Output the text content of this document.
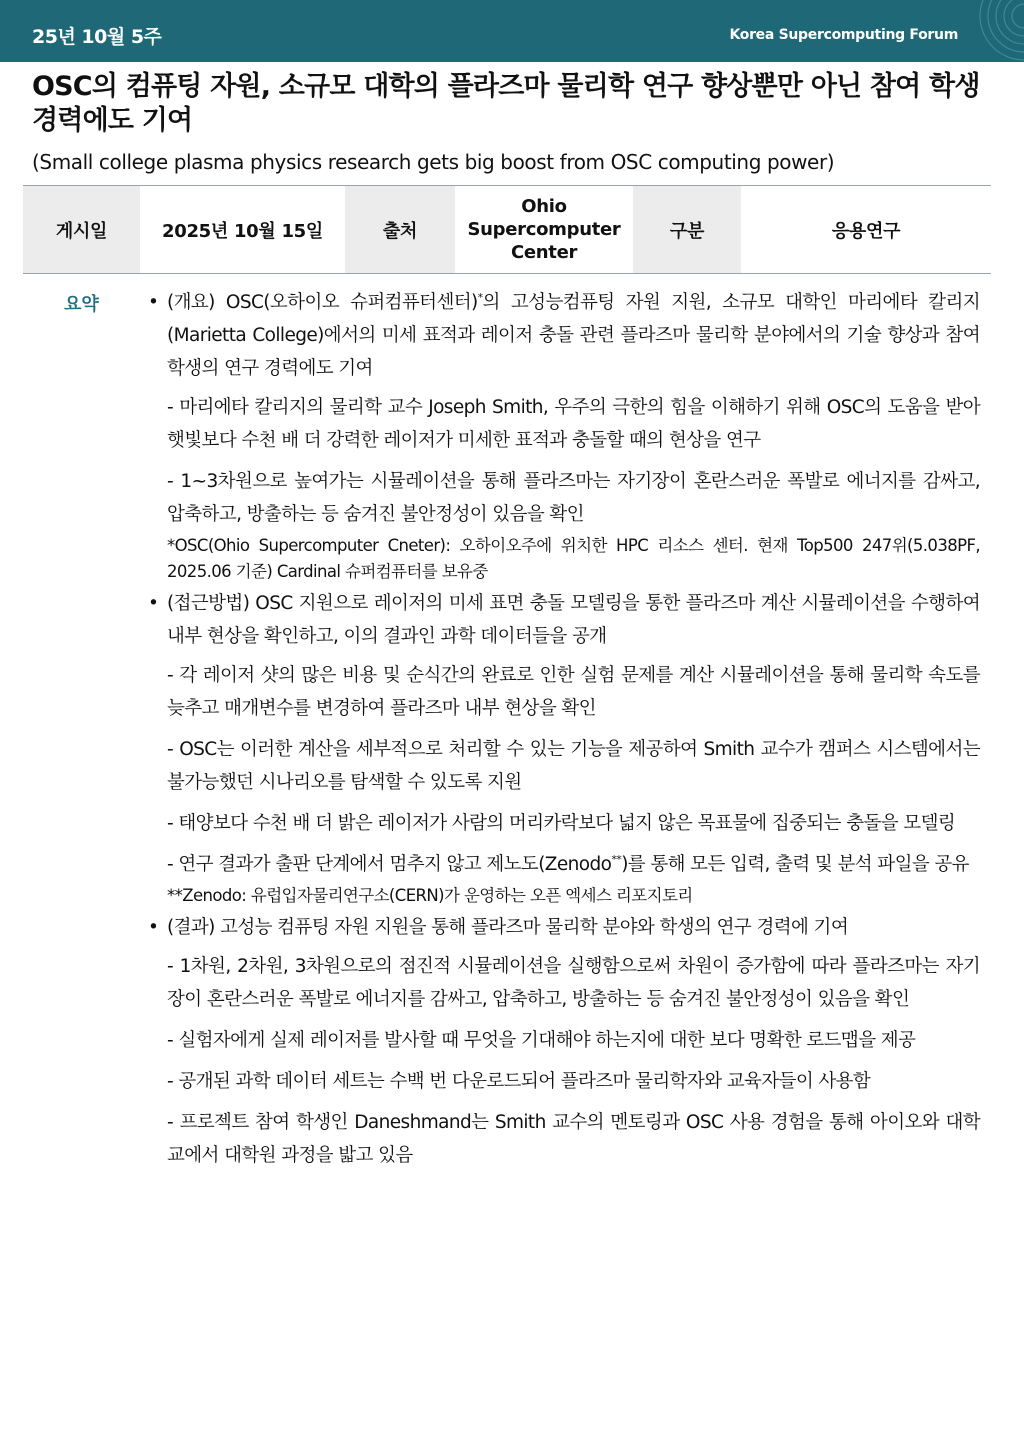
25년 10월 5주	Korea Supercomputing Forum
OSC의 컴퓨팅 자원, 소규모 대학의 플라즈마 물리학 연구 향상뿐만 아닌 참여 학생 경력에도 기여
(Small college plasma physics research gets big boost from OSC computing power)
게시일	2025년 10월 15일	출처	Ohio Supercomputer Center	구분	응용연구
요약	• (개요) OSC(오하이오 슈퍼컴퓨터센터)*의 고성능컴퓨팅 자원 지원, 소규모 대학인 마리에타 칼리지(Marietta College)에서의 미세 표적과 레이저 충돌 관련 플라즈마 물리학 분야에서의 기술 향상과 참여 학생의 연구 경력에도 기여
- 마리에타 칼리지의 물리학 교수 Joseph Smith, 우주의 극한의 힘을 이해하기 위해 OSC의 도움을 받아 햇빛보다 수천 배 더 강력한 레이저가 미세한 표적과 충돌할 때의 현상을 연구
- 1~3차원으로 높여가는 시뮬레이션을 통해 플라즈마는 자기장이 혼란스러운 폭발로 에너지를 감싸고, 압축하고, 방출하는 등 숨겨진 불안정성이 있음을 확인
*OSC(Ohio Supercomputer Cneter): 오하이오주에 위치한 HPC 리소스 센터. 현재 Top500 247위(5.038PF, 2025.06 기준) Cardinal 슈퍼컴퓨터를 보유중
• (접근방법) OSC 지원으로 레이저의 미세 표면 충돌 모델링을 통한 플라즈마 계산 시뮬레이션을 수행하여 내부 현상을 확인하고, 이의 결과인 과학 데이터들을 공개
- 각 레이저 샷의 많은 비용 및 순식간의 완료로 인한 실험 문제를 계산 시뮬레이션을 통해 물리학 속도를 늦추고 매개변수를 변경하여 플라즈마 내부 현상을 확인
- OSC는 이러한 계산을 세부적으로 처리할 수 있는 기능을 제공하여 Smith 교수가 캠퍼스 시스템에서는 불가능했던 시나리오를 탐색할 수 있도록 지원
- 태양보다 수천 배 더 밝은 레이저가 사람의 머리카락보다 넓지 않은 목표물에 집중되는 충돌을 모델링
- 연구 결과가 출판 단계에서 멈추지 않고 제노도(Zenodo**)를 통해 모든 입력, 출력 및 분석 파일을 공유
**Zenodo: 유럽입자물리연구소(CERN)가 운영하는 오픈 엑세스 리포지토리
• (결과) 고성능 컴퓨팅 자원 지원을 통해 플라즈마 물리학 분야와 학생의 연구 경력에 기여
- 1차원, 2차원, 3차원으로의 점진적 시뮬레이션을 실행함으로써 차원이 증가함에 따라 플라즈마는 자기장이 혼란스러운 폭발로 에너지를 감싸고, 압축하고, 방출하는 등 숨겨진 불안정성이 있음을 확인
- 실험자에게 실제 레이저를 발사할 때 무엇을 기대해야 하는지에 대한 보다 명확한 로드맵을 제공
- 공개된 과학 데이터 세트는 수백 번 다운로드되어 플라즈마 물리학자와 교육자들이 사용함
- 프로젝트 참여 학생인 Daneshmand는 Smith 교수의 멘토링과 OSC 사용 경험을 통해 아이오와 대학교에서 대학원 과정을 밟고 있음
